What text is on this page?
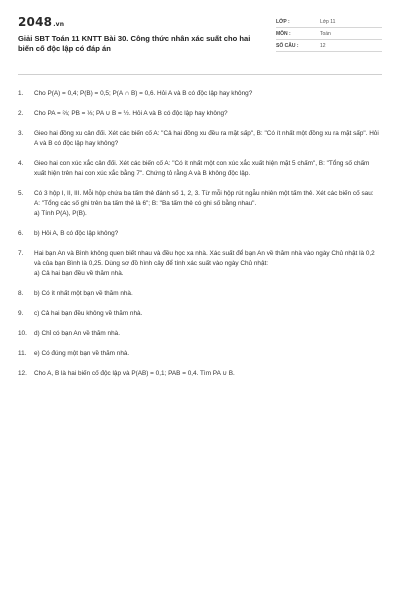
2048.vn
Giải SBT Toán 11 KNTT Bài 30. Công thức nhân xác suất cho hai biến cố độc lập có đáp án
LỚP :	Lớp 11
MÔN :	Toán
SỐ CÂU :	12
1.	Cho P(A) = 0,4; P(B) = 0,5; P(A ∩ B) = 0,6. Hỏi A và B có độc lập hay không?
2.	Cho PA = ⅔; PB = ⅓; PA ∪ B = ½. Hỏi A và B có độc lập hay không?
3.	Gieo hai đồng xu cân đối. Xét các biến cố A: "Cả hai đồng xu đều ra mặt sấp", B: "Có ít nhất một đồng xu ra mặt sấp". Hỏi A và B có độc lập hay không?
4.	Gieo hai con xúc xắc cân đối. Xét các biến cố A: "Có ít nhất một con xúc xắc xuất hiện mặt 5 chấm", B: "Tổng số chấm xuất hiện trên hai con xúc xắc bằng 7". Chứng tỏ rằng A và B không độc lập.
5.	Có 3 hộp I, II, III. Mỗi hộp chứa ba tấm thẻ đánh số 1, 2, 3. Từ mỗi hộp rút ngẫu nhiên một tấm thẻ. Xét các biến cố sau:
A: "Tổng các số ghi trên ba tấm thẻ là 6"; B: "Ba tấm thẻ có ghi số bằng nhau".
a) Tính P(A), P(B).
6.	b) Hỏi A, B có độc lập không?
7.	Hai bạn An và Bình không quen biết nhau và đều học xa nhà. Xác suất để bạn An về thăm nhà vào ngày Chủ nhật là 0,2 và của bạn Bình là 0,25. Dùng sơ đồ hình cây để tính xác suất vào ngày Chủ nhật:
a) Cả hai bạn đều về thăm nhà.
8.	b) Có ít nhất một bạn về thăm nhà.
9.	c) Cả hai bạn đều không về thăm nhà.
10.	d) Chỉ có bạn An về thăm nhà.
11.	e) Có đúng một bạn về thăm nhà.
12.	Cho A, B là hai biến cố độc lập và P(AB) = 0,1; PAB = 0,4. Tìm PA ∪ B.
